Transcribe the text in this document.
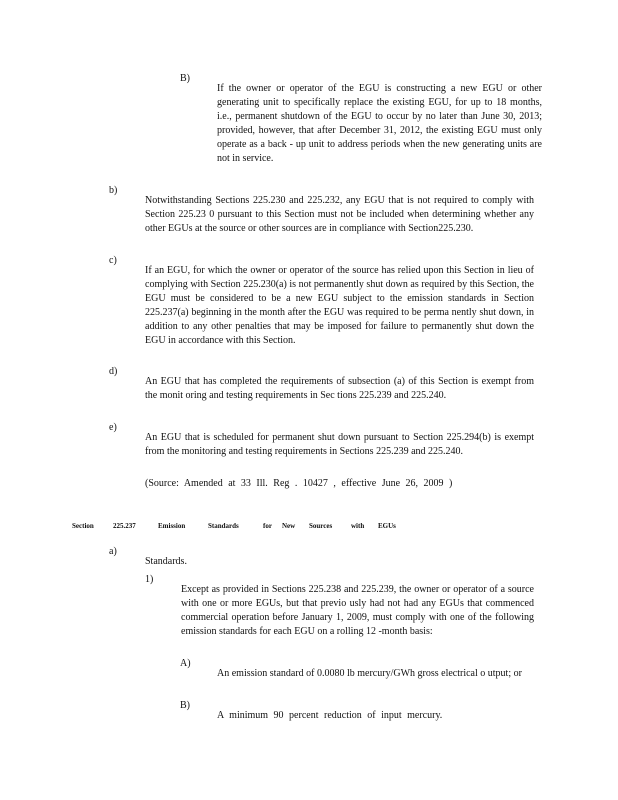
B)

If the owner or operator of the EGU is constructing a new EGU or other generating unit to specifically replace the existing EGU, for up to 18 months, i.e., permanent shutdown of the EGU to occur by no later than June 30, 2013; provided, however, that after December 31, 2012, the existing EGU must only operate as a back - up unit to address periods when the new generating units are not in service.

b)

Notwithstanding Sections 225.230 and 225.232, any EGU that is not required to comply with Section 225.23 0 pursuant to this Section must not be included when determining whether any other EGUs at the source or other sources are in compliance with Section225.230.

c)

If an EGU, for which the owner or operator of the source has relied upon this Section in lieu of complying with Section 225.230(a) is not permanently shut down as required by this Section, the EGU must be considered to be a new EGU subject to the emission standards in Section 225.237(a) beginning in the month after the EGU was required to be perma nently shut down, in addition to any other penalties that may be imposed for failure to permanently shut down the EGU in accordance with this Section.

d)

An EGU that has completed the requirements of subsection (a) of this Section is exempt from the monit oring and testing requirements in Sec tions 225.239 and 225.240.

e)

An EGU that is scheduled for permanent shut down pursuant to Section 225.294(b) is exempt from the monitoring and testing requirements in Sections 225.239 and 225.240.

(Source: Amended at 33 Ill. Reg . 10427 , effective June 26, 2009 )
Section	225.237	Emission	Standards	for New Sources	with EGUs
a)

Standards.

1)

Except as provided in Sections 225.238 and 225.239, the owner or operator of a source with one or more EGUs, but that previo usly had not had any EGUs that commenced commercial operation before January 1, 2009, must comply with one of the following emission standards for each EGU on a rolling 12 -month basis:

A)

An emission standard of 0.0080 lb mercury/GWh gross electrical o utput; or

B)

A minimum 90 percent reduction of input mercury.
